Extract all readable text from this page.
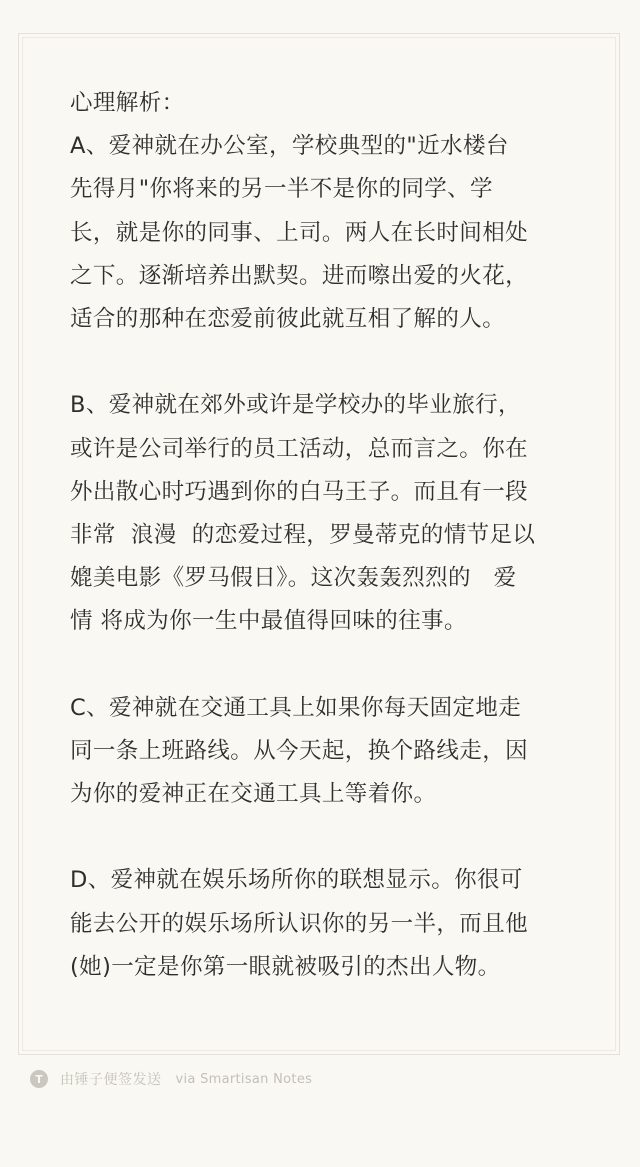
心理解析：
A、爱神就在办公室，学校典型的"近水楼台
先得月"你将来的另一半不是你的同学、学
长，就是你的同事、上司。两人在长时间相处
之下。逐渐培养出默契。进而嚓出爱的火花，
适合的那种在恋爱前彼此就互相了解的人。
B、爱神就在郊外或许是学校办的毕业旅行，
或许是公司举行的员工活动，总而言之。你在
外出散心时巧遇到你的白马王子。而且有一段
非常  浪漫  的恋爱过程，罗曼蒂克的情节足以
媲美电影《罗马假日》。这次轰轰烈烈的   爱
情 将成为你一生中最值得回味的往事。
C、爱神就在交通工具上如果你每天固定地走
同一条上班路线。从今天起，换个路线走，因
为你的爱神正在交通工具上等着你。
D、爱神就在娱乐场所你的联想显示。你很可
能去公开的娱乐场所认识你的另一半，而且他
(她)一定是你第一眼就被吸引的杰出人物。
T	由锤子便签发送 via Smartisan Notes
